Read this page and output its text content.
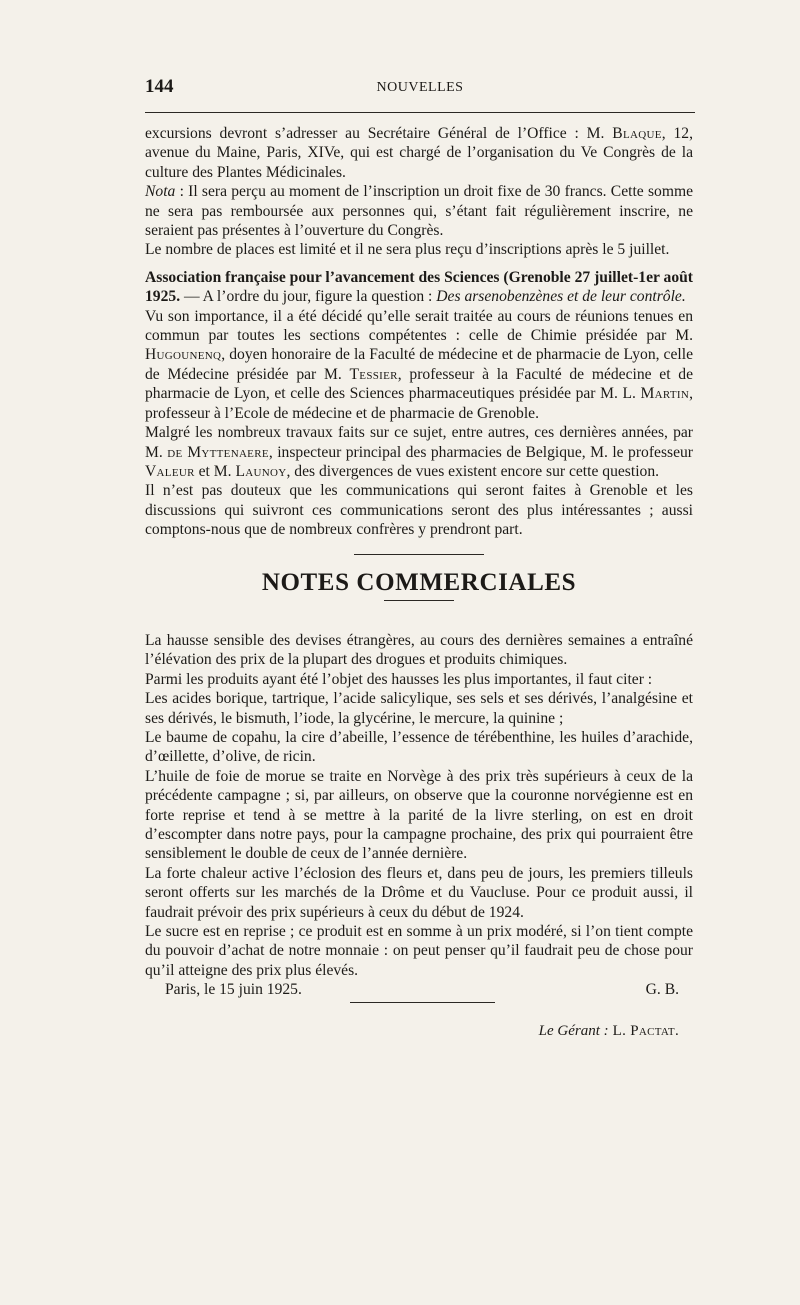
144	NOUVELLES

excursions devront s’adresser au Secrétaire Général de l’Office : M. Blaque, 12, avenue du Maine, Paris, XIVe, qui est chargé de l’organisation du Ve Congrès de la culture des Plantes Médicinales.

Nota : Il sera perçu au moment de l’inscription un droit fixe de 30 francs. Cette somme ne sera pas remboursée aux personnes qui, s’étant fait régulièrement inscrire, ne seraient pas présentes à l’ouverture du Congrès.

Le nombre de places est limité et il ne sera plus reçu d’inscriptions après le 5 juillet.

Association française pour l’avancement des Sciences (Grenoble 27 juillet-1er août 1925. — A l’ordre du jour, figure la question : Des arsenobenzènes et de leur contrôle.

Vu son importance, il a été décidé qu’elle serait traitée au cours de réunions tenues en commun par toutes les sections compétentes : celle de Chimie présidée par M. Hugounenq, doyen honoraire de la Faculté de médecine et de pharmacie de Lyon, celle de Médecine présidée par M. Tessier, professeur à la Faculté de médecine et de pharmacie de Lyon, et celle des Sciences pharmaceutiques présidée par M. L. Martin, professeur à l’Ecole de médecine et de pharmacie de Grenoble.

Malgré les nombreux travaux faits sur ce sujet, entre autres, ces dernières années, par M. de Myttenaere, inspecteur principal des pharmacies de Belgique, M. le professeur Valeur et M. Launoy, des divergences de vues existent encore sur cette question.

Il n’est pas douteux que les communications qui seront faites à Grenoble et les discussions qui suivront ces communications seront des plus intéressantes ; aussi comptons-nous que de nombreux confrères y prendront part.

NOTES COMMERCIALES

La hausse sensible des devises étrangères, au cours des dernières semaines a entraîné l’élévation des prix de la plupart des drogues et produits chimiques.

Parmi les produits ayant été l’objet des hausses les plus importantes, il faut citer :

Les acides borique, tartrique, l’acide salicylique, ses sels et ses dérivés, l’analgésine et ses dérivés, le bismuth, l’iode, la glycérine, le mercure, la quinine ;

Le baume de copahu, la cire d’abeille, l’essence de térébenthine, les huiles d’arachide, d’œillette, d’olive, de ricin.

L’huile de foie de morue se traite en Norvège à des prix très supérieurs à ceux de la précédente campagne ; si, par ailleurs, on observe que la couronne norvégienne est en forte reprise et tend à se mettre à la parité de la livre sterling, on est en droit d’escompter dans notre pays, pour la campagne prochaine, des prix qui pourraient être sensiblement le double de ceux de l’année dernière.

La forte chaleur active l’éclosion des fleurs et, dans peu de jours, les premiers tilleuls seront offerts sur les marchés de la Drôme et du Vaucluse. Pour ce produit aussi, il faudrait prévoir des prix supérieurs à ceux du début de 1924.

Le sucre est en reprise ; ce produit est en somme à un prix modéré, si l’on tient compte du pouvoir d’achat de notre monnaie : on peut penser qu’il faudrait peu de chose pour qu’il atteigne des prix plus élevés.

Paris, le 15 juin 1925.	G. B.
Le Gérant : L. Pactat.
